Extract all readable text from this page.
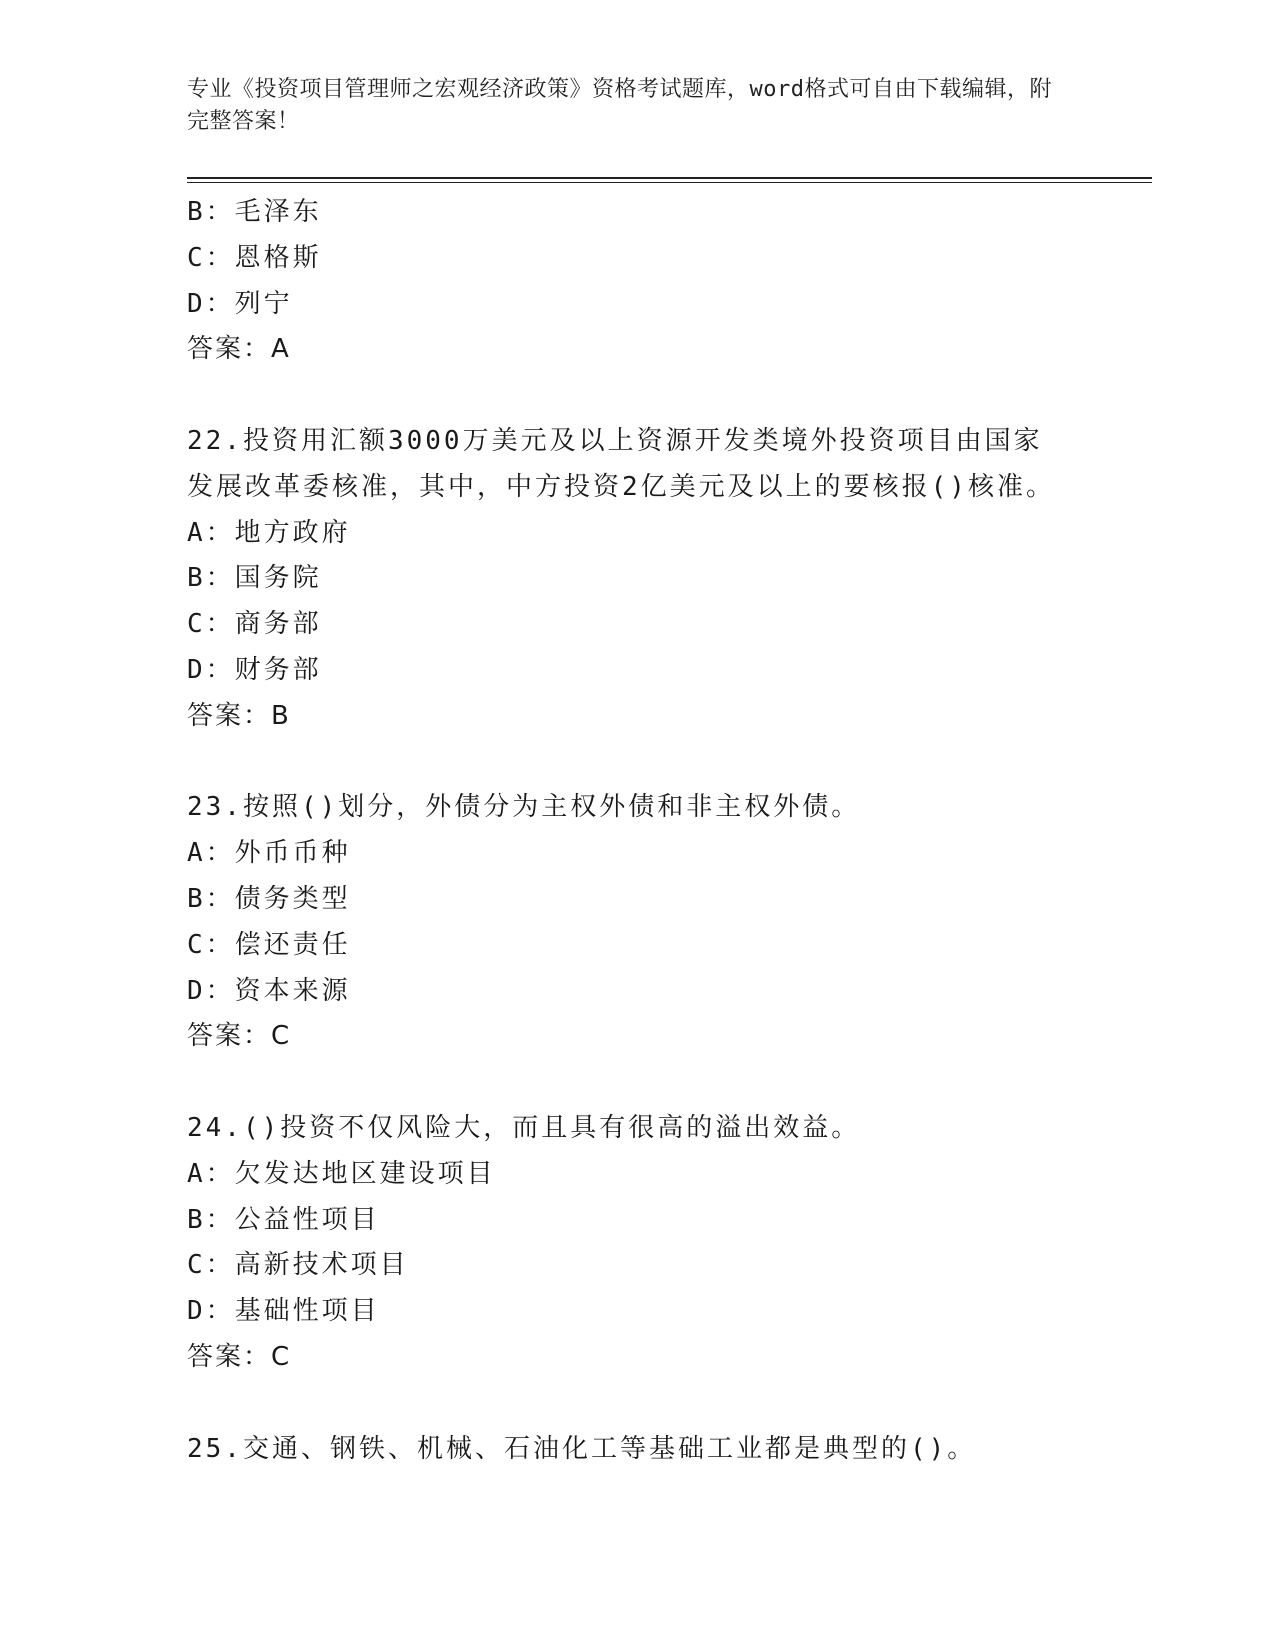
专业《投资项目管理师之宏观经济政策》资格考试题库，word格式可自由下载编辑，附完整答案！
B：毛泽东
C：恩格斯
D：列宁
答案：A
22.投资用汇额3000万美元及以上资源开发类境外投资项目由国家发展改革委核准，其中，中方投资2亿美元及以上的要核报()核准。
A：地方政府
B：国务院
C：商务部
D：财务部
答案：B
23.按照()划分，外债分为主权外债和非主权外债。
A：外币币种
B：债务类型
C：偿还责任
D：资本来源
答案：C
24.()投资不仅风险大，而且具有很高的溢出效益。
A：欠发达地区建设项目
B：公益性项目
C：高新技术项目
D：基础性项目
答案：C
25.交通、钢铁、机械、石油化工等基础工业都是典型的()。
